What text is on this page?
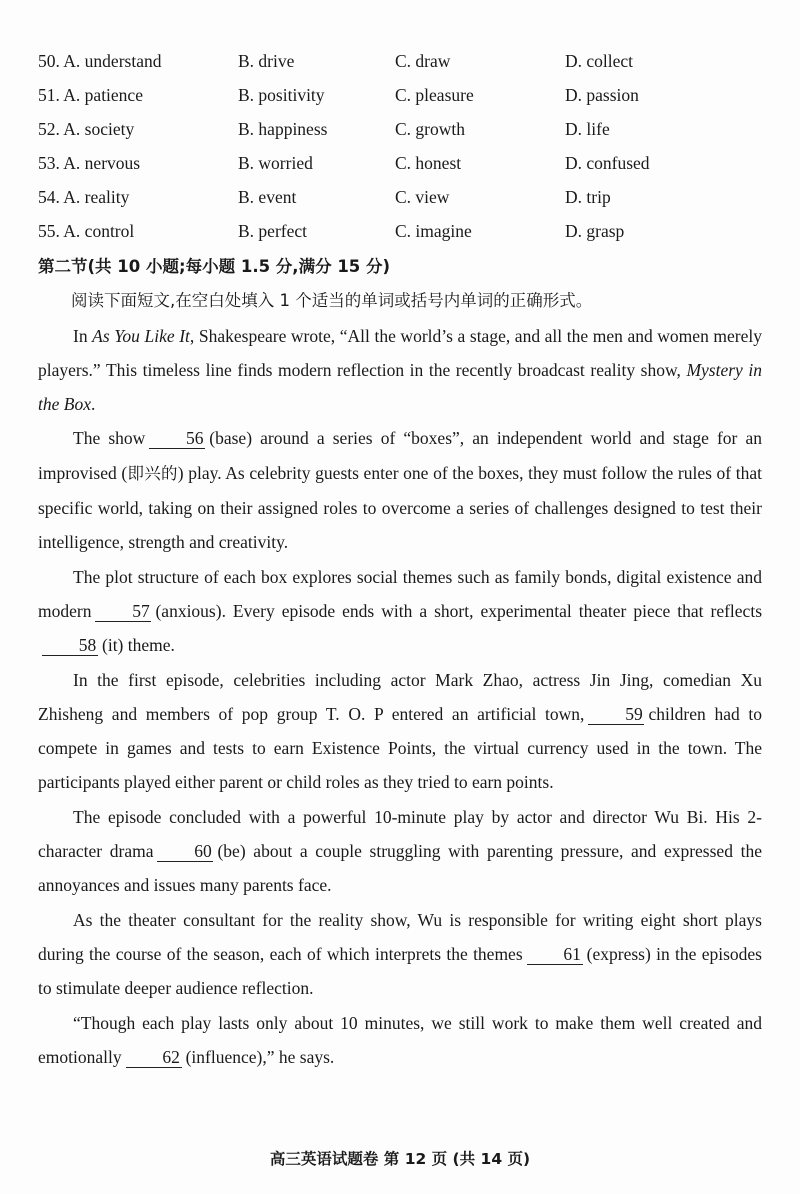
50. A. understand	B. drive	C. draw	D. collect
51. A. patience	B. positivity	C. pleasure	D. passion
52. A. society	B. happiness	C. growth	D. life
53. A. nervous	B. worried	C. honest	D. confused
54. A. reality	B. event	C. view	D. trip
55. A. control	B. perfect	C. imagine	D. grasp
第二节(共 10 小题;每小题 1.5 分,满分 15 分)

阅读下面短文,在空白处填入 1 个适当的单词或括号内单词的正确形式。

In As You Like It, Shakespeare wrote, “All the world’s a stage, and all the men and women merely players.” This timeless line finds modern reflection in the recently broadcast reality show, Mystery in the Box.

The show 56 (base) around a series of “boxes”, an independent world and stage for an improvised (即兴的) play. As celebrity guests enter one of the boxes, they must follow the rules of that specific world, taking on their assigned roles to overcome a series of challenges designed to test their intelligence, strength and creativity.

The plot structure of each box explores social themes such as family bonds, digital existence and modern 57 (anxious). Every episode ends with a short, experimental theater piece that reflects58 (it) theme.

In the first episode, celebrities including actor Mark Zhao, actress Jin Jing, comedian Xu Zhisheng and members of pop group T. O. P entered an artificial town, 59 children had to compete in games and tests to earn Existence Points, the virtual currency used in the town. The participants played either parent or child roles as they tried to earn points.

The episode concluded with a powerful 10-minute play by actor and director Wu Bi. His 2-character drama 60 (be) about a couple struggling with parenting pressure, and expressed the annoyances and issues many parents face.

As the theater consultant for the reality show, Wu is responsible for writing eight short plays during the course of the season, each of which interprets the themes 61 (express) in the episodes to stimulate deeper audience reflection.

“Though each play lasts only about 10 minutes, we still work to make them well created and emotionally 62 (influence),” he says.

高三英语试题卷 第 12 页 (共 14 页)
